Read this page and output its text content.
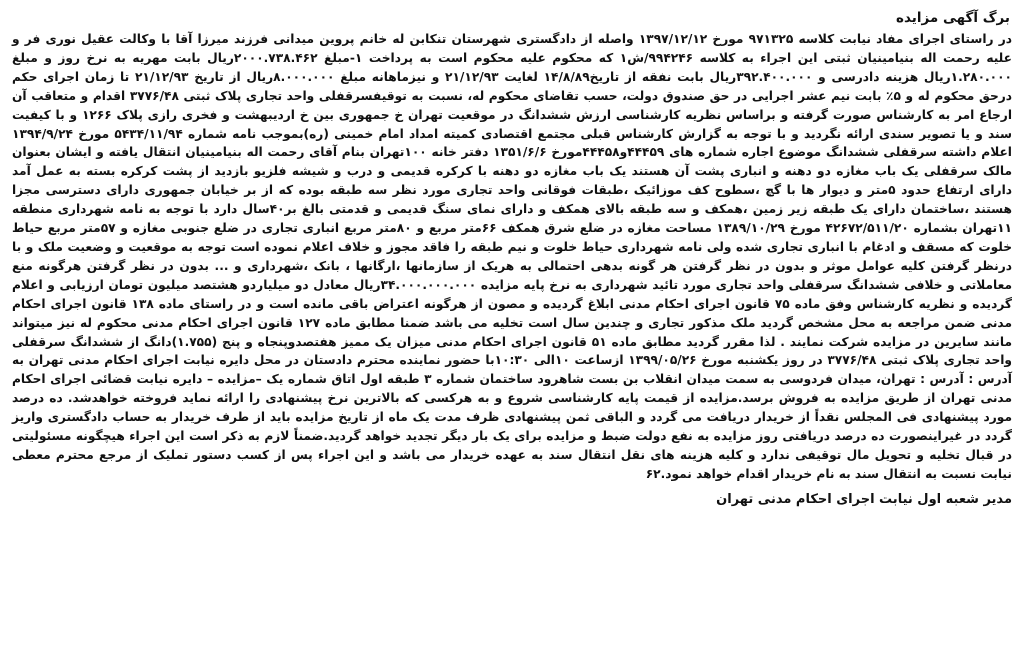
برگ آگهی مزایده

در راستای اجرای مفاد نیابت کلاسه ۹۷۱۳۲۵ مورخ ۱۳۹۷/۱۲/۱۲ واصله از دادگستری شهرستان تنکابن له خانم پروین میدانی فرزند میرزا آقا با وکالت عقیل نوری فر و علیه رحمت اله بنیامینیان ثبتی این اجراء به کلاسه ۹۹۴۲۴۶/ش۱ که محکوم علیه محکوم است به پرداخت ۱-مبلغ ۲۰۰۰.۷۳۸.۴۶۲ریال بابت مهریه به نرخ روز و مبلغ ۱.۲۸۰.۰۰۰ریال هزینه دادرسی و ۳۹۲.۴۰۰.۰۰۰ریال بابت نفقه از تاریخ۱۴/۸/۸۹ لغایت ۲۱/۱۲/۹۳ و نیزماهانه مبلغ ۸.۰۰۰.۰۰۰ریال از تاریخ ۲۱/۱۲/۹۳ تا زمان اجرای حکم درحق محکوم له و ۵٪ بابت نیم عشر اجرایی در حق صندوق دولت، حسب تقاضای محکوم له، نسبت به توقیفسرقفلی واحد تجاری پلاک ثبتی ۳۷۷۶/۴۸ اقدام و متعاقب آن ارجاع امر به کارشناس صورت گرفته و براساس نظریه کارشناسی ارزش ششدانگ در موقعیت تهران خ جمهوری بین خ اردیبهشت و فخری رازی پلاک ۱۲۶۶ و با کیفیت سند و یا تصویر سندی ارائه نگردید و با توجه به گزارش کارشناس قبلی مجتمع اقتصادی کمیته امداد امام خمینی (ره)بموجب نامه شماره ۵۴۳۴/۱۱/۹۴ مورخ ۱۳۹۴/۹/۲۴ اعلام داشته سرقفلی ششدانگ موضوع اجاره شماره های ۴۴۴۵۹و۴۴۴۵۸مورخ ۱۳۵۱/۶/۶ دفتر خانه ۱۰۰تهران بنام آقای رحمت اله بنیامینیان انتقال یافته و ایشان بعنوان مالک سرقفلی یک باب مغازه دو دهنه و انباری پشت آن هستند یک باب مغازه دو دهنه با کرکره قدیمی و درب و شیشه فلزیو بازدید از پشت کرکره بسته به عمل آمد دارای ارتفاع حدود ۵متر و دیوار ها با گچ ،سطوح کف موزائیک ،طبقات فوقانی واحد تجاری مورد نظر سه طبقه بوده که از بر خیابان جمهوری دارای دسترسی مجزا هستند ،ساختمان دارای یک طبقه زیر زمین ،همکف و سه طبقه بالای همکف و دارای نمای سنگ قدیمی و قدمتی بالغ بر۴۰سال دارد با توجه به نامه شهرداری منطقه ۱۱تهران بشماره ۴۲۶۷۲/۵۱۱/۲۰ مورخ ۱۳۸۹/۱۰/۲۹ مساحت مغازه در ضلع شرق همکف ۶۶متر مربع و ۸۰متر مربع انباری تجاری در ضلع جنوبی مغازه و ۵۷متر مربع حیاط خلوت که مسقف و ادغام با انباری تجاری شده ولی نامه شهرداری حیاط خلوت و نیم طبقه را فاقد مجوز و خلاف اعلام نموده است توجه به موقعیت و وضعیت ملک و با درنظر گرفتن کلیه عوامل موثر و بدون در نظر گرفتن هر گونه بدهی احتمالی به هریک از سازمانها ،ارگانها ، بانک ،شهرداری و ... بدون در نظر گرفتن هرگونه منع معاملاتی و خلافی ششدانگ سرقفلی واحد تجاری مورد تائید شهرداری به نرخ پایه مزایده ۳۴.۰۰۰.۰۰۰.۰۰۰ریال معادل دو میلیاردو هشتصد میلیون تومان ارزیابی و اعلام گردیده و نظریه کارشناس وفق ماده ۷۵ قانون اجرای احکام مدنی ابلاغ گردیده و مصون از هرگونه اعتراض باقی مانده است و در راستای ماده ۱۳۸ قانون اجرای احکام مدنی ضمن مراجعه به محل مشخص گردید ملک مذکور تجاری و چندین سال است تخلیه می باشد ضمنا مطابق ماده ۱۲۷ قانون اجرای احکام مدنی محکوم له نیز میتواند مانند سایرین در مزایده شرکت نمایند . لذا مقرر گردید مطابق ماده ۵۱ قانون اجرای احکام مدنی میزان یک ممیز هفتصدوپنجاه و پنج (۱.۷۵۵)دانگ از ششدانگ سرقفلی واحد تجاری پلاک ثبتی ۳۷۷۶/۴۸ در روز یکشنبه مورخ ۱۳۹۹/۰۵/۲۶ ازساعت ۱۰الی ۱۰:۳۰با حضور نماینده محترم دادستان در محل دایره نیابت اجرای احکام مدنی تهران به آدرس : آدرس : تهران، میدان فردوسی به سمت میدان انقلاب بن بست شاهرود ساختمان شماره ۳ طبقه اول اتاق شماره یک –مزایده – دایره نیابت قضائی اجرای احکام مدنی تهران از طریق مزایده به فروش برسد.مزایده از قیمت پایه کارشناسی شروع و به هرکسی که بالاترین نرخ پیشنهادی را ارائه نماید فروخته خواهدشد. ده درصد مورد پیشنهادی فی المجلس نقداً از خریدار دریافت می گردد و الباقی ثمن پیشنهادی ظرف مدت یک ماه از تاریخ مزایده باید از طرف خریدار به حساب دادگستری واریز گردد در غیراینصورت ده درصد دریافتی روز مزایده به نفع دولت ضبط و مزایده برای یک بار دیگر تجدید خواهد گردید.ضمناً لازم به ذکر است این اجراء هیچگونه مسئولیتی در قبال تخلیه و تحویل مال توقیفی ندارد و کلیه هزینه های نقل انتقال سند به عهده خریدار می باشد و این اجراء پس از کسب دستور تملیک از مرجع محترم معطی نیابت نسبت به انتقال سند به نام خریدار اقدام خواهد نمود.۶۲

مدیر شعبه اول نیابت اجرای احکام مدنی تهران
